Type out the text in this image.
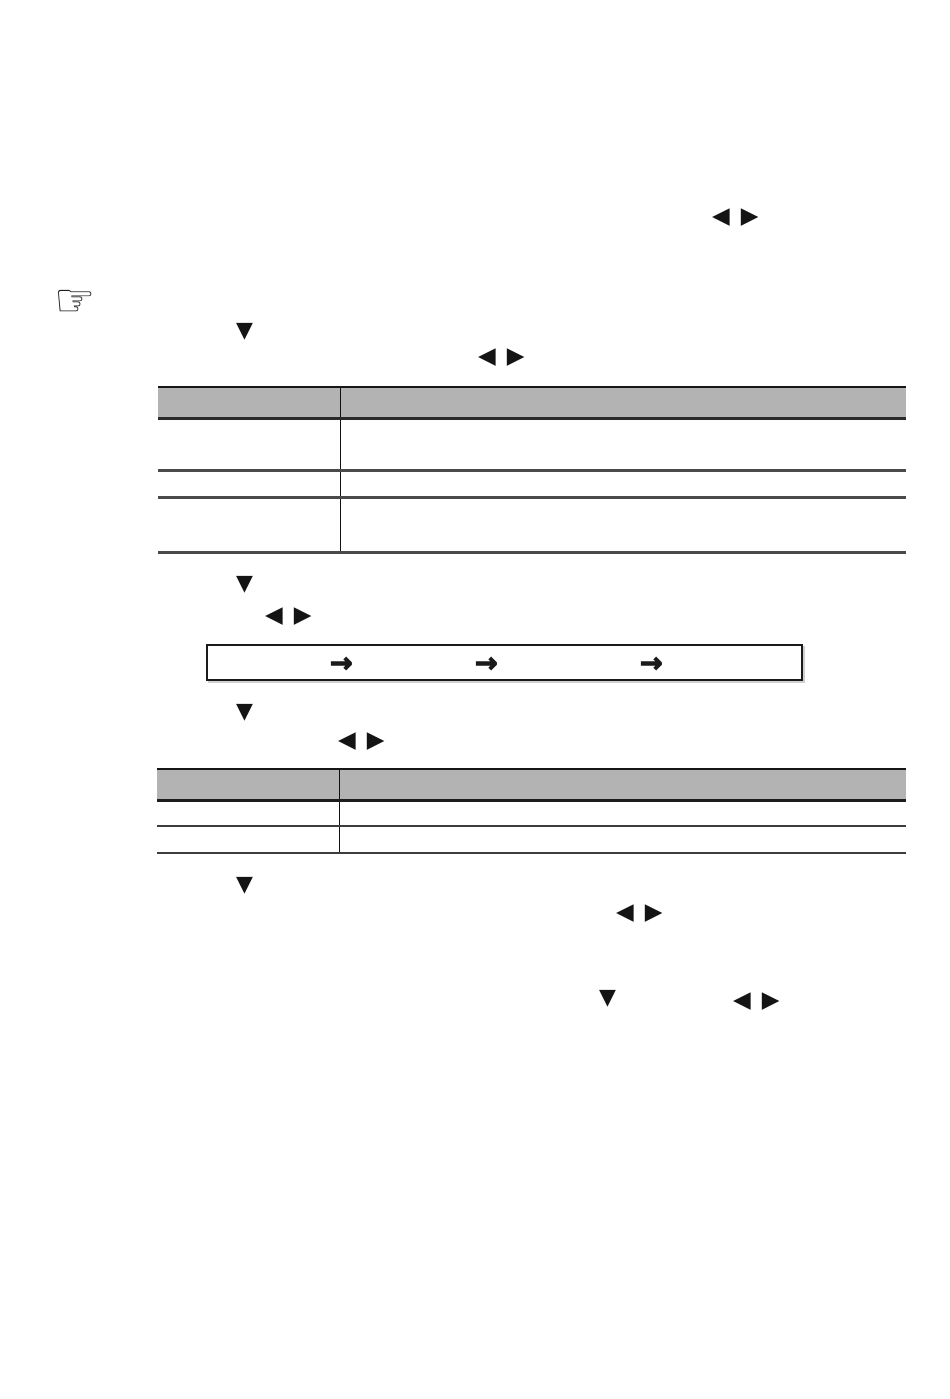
◀ ▶
☞
▼
◀ ▶
▼
◀ ▶
→	→	→
▼
◀ ▶
▼
◀ ▶
▼	◀ ▶
